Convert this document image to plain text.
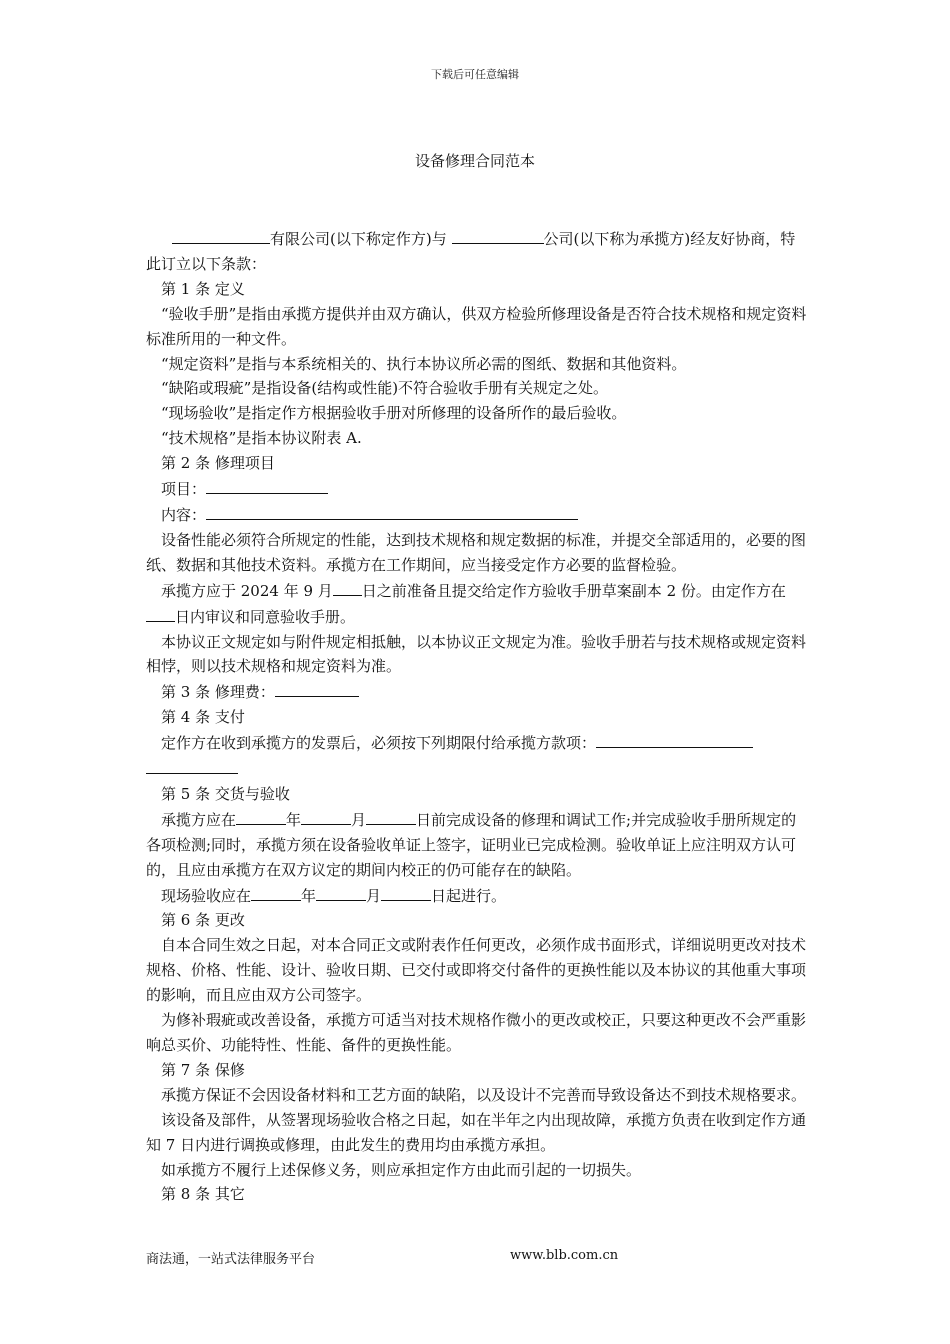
下载后可任意编辑
设备修理合同范本

有限公司(以下称定作方)与	公司(以下称为承揽方)经友好协商，特此订立以下条款：

第 1 条 定义

“验收手册”是指由承揽方提供并由双方确认，供双方检验所修理设备是否符合技术规格和规定资料标准所用的一种文件。

“规定资料”是指与本系统相关的、执行本协议所必需的图纸、数据和其他资料。

“缺陷或瑕疵”是指设备(结构或性能)不符合验收手册有关规定之处。

“现场验收”是指定作方根据验收手册对所修理的设备所作的最后验收。

“技术规格”是指本协议附表 A.

第 2 条 修理项目

项目：

内容：

设备性能必须符合所规定的性能，达到技术规格和规定数据的标准，并提交全部适用的，必要的图纸、数据和其他技术资料。承揽方在工作期间，应当接受定作方必要的监督检验。

承揽方应于 2024 年 9 月 日之前准备且提交给定作方验收手册草案副本 2 份。由定作方在日内审议和同意验收手册。

本协议正文规定如与附件规定相抵触，以本协议正文规定为准。验收手册若与技术规格或规定资料相悖，则以技术规格和规定资料为准。

第 3 条 修理费：

第 4 条 支付

定作方在收到承揽方的发票后，必须按下列期限付给承揽方款项：

第 5 条 交货与验收

承揽方应在	年	月	日前完成设备的修理和调试工作;并完成验收手册所规定的各项检测;同时，承揽方须在设备验收单证上签字，证明业已完成检测。验收单证上应注明双方认可的，且应由承揽方在双方议定的期间内校正的仍可能存在的缺陷。

现场验收应在	年	月	日起进行。

第 6 条 更改

自本合同生效之日起，对本合同正文或附表作任何更改，必须作成书面形式，详细说明更改对技术规格、价格、性能、设计、验收日期、已交付或即将交付备件的更换性能以及本协议的其他重大事项的影响，而且应由双方公司签字。

为修补瑕疵或改善设备，承揽方可适当对技术规格作微小的更改或校正，只要这种更改不会严重影响总买价、功能特性、性能、备件的更换性能。

第 7 条 保修

承揽方保证不会因设备材料和工艺方面的缺陷，以及设计不完善而导致设备达不到技术规格要求。

该设备及部件，从签署现场验收合格之日起，如在半年之内出现故障，承揽方负责在收到定作方通知 7 日内进行调换或修理，由此发生的费用均由承揽方承担。

如承揽方不履行上述保修义务，则应承担定作方由此而引起的一切损失。

第 8 条 其它

商法通，一站式法律服务平台	www.blb.com.cn
